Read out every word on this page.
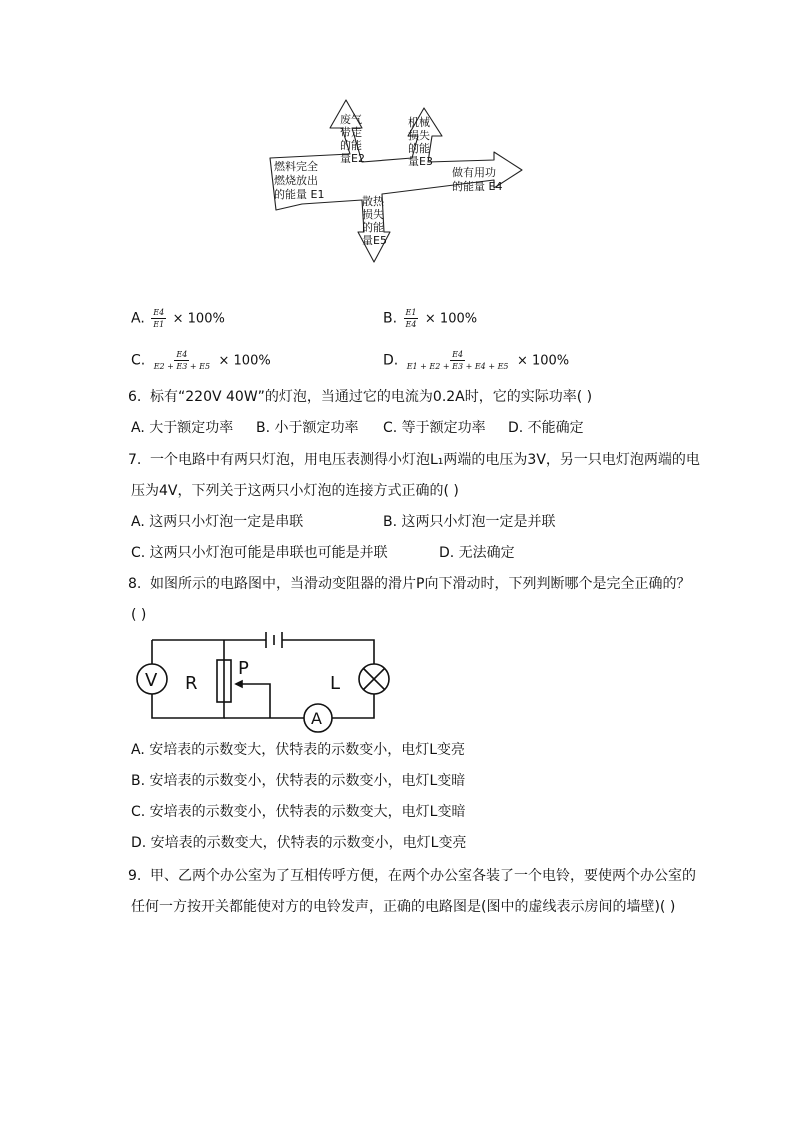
燃料完全
燃烧放出
的能量 E1
废气
带走
的能
量E2
机械
损失
的能
量E3
做有用功
的能量 E4
散热
损失
的能
量E5
A. $\frac{E4}{E1} \times 100\%$	B. $\frac{E1}{E4} \times 100\%$
C. $\frac{E4}{E2 + E3 + E5} \times 100\%$	D. $\frac{E4}{E1 + E2 + E3 + E4 + E5} \times 100\%$
6. 标有“220V 40W”的灯泡，当通过它的电流为0.2A时，它的实际功率( )
A. 大于额定功率 B. 小于额定功率 C. 等于额定功率 D. 不能确定
7. 一个电路中有两只灯泡，用电压表测得小灯泡L₁两端的电压为3V，另一只电灯泡两端的电
压为4V，下列关于这两只小灯泡的连接方式正确的( )
A. 这两只小灯泡一定是串联	B. 这两只小灯泡一定是并联
C. 这两只小灯泡可能是串联也可能是并联	D. 无法确定
8. 如图所示的电路图中，当滑动变阻器的滑片P向下滑动时，下列判断哪个是完全正确的？
( )
V R
P
L
A
A. 安培表的示数变大，伏特表的示数变小，电灯L变亮
B. 安培表的示数变小，伏特表的示数变小，电灯L变暗
C. 安培表的示数变小，伏特表的示数变大，电灯L变暗
D. 安培表的示数变大，伏特表的示数变小，电灯L变亮
9. 甲、乙两个办公室为了互相传呼方便，在两个办公室各装了一个电铃，要使两个办公室的
任何一方按开关都能使对方的电铃发声，正确的电路图是(图中的虚线表示房间的墙壁)( )
